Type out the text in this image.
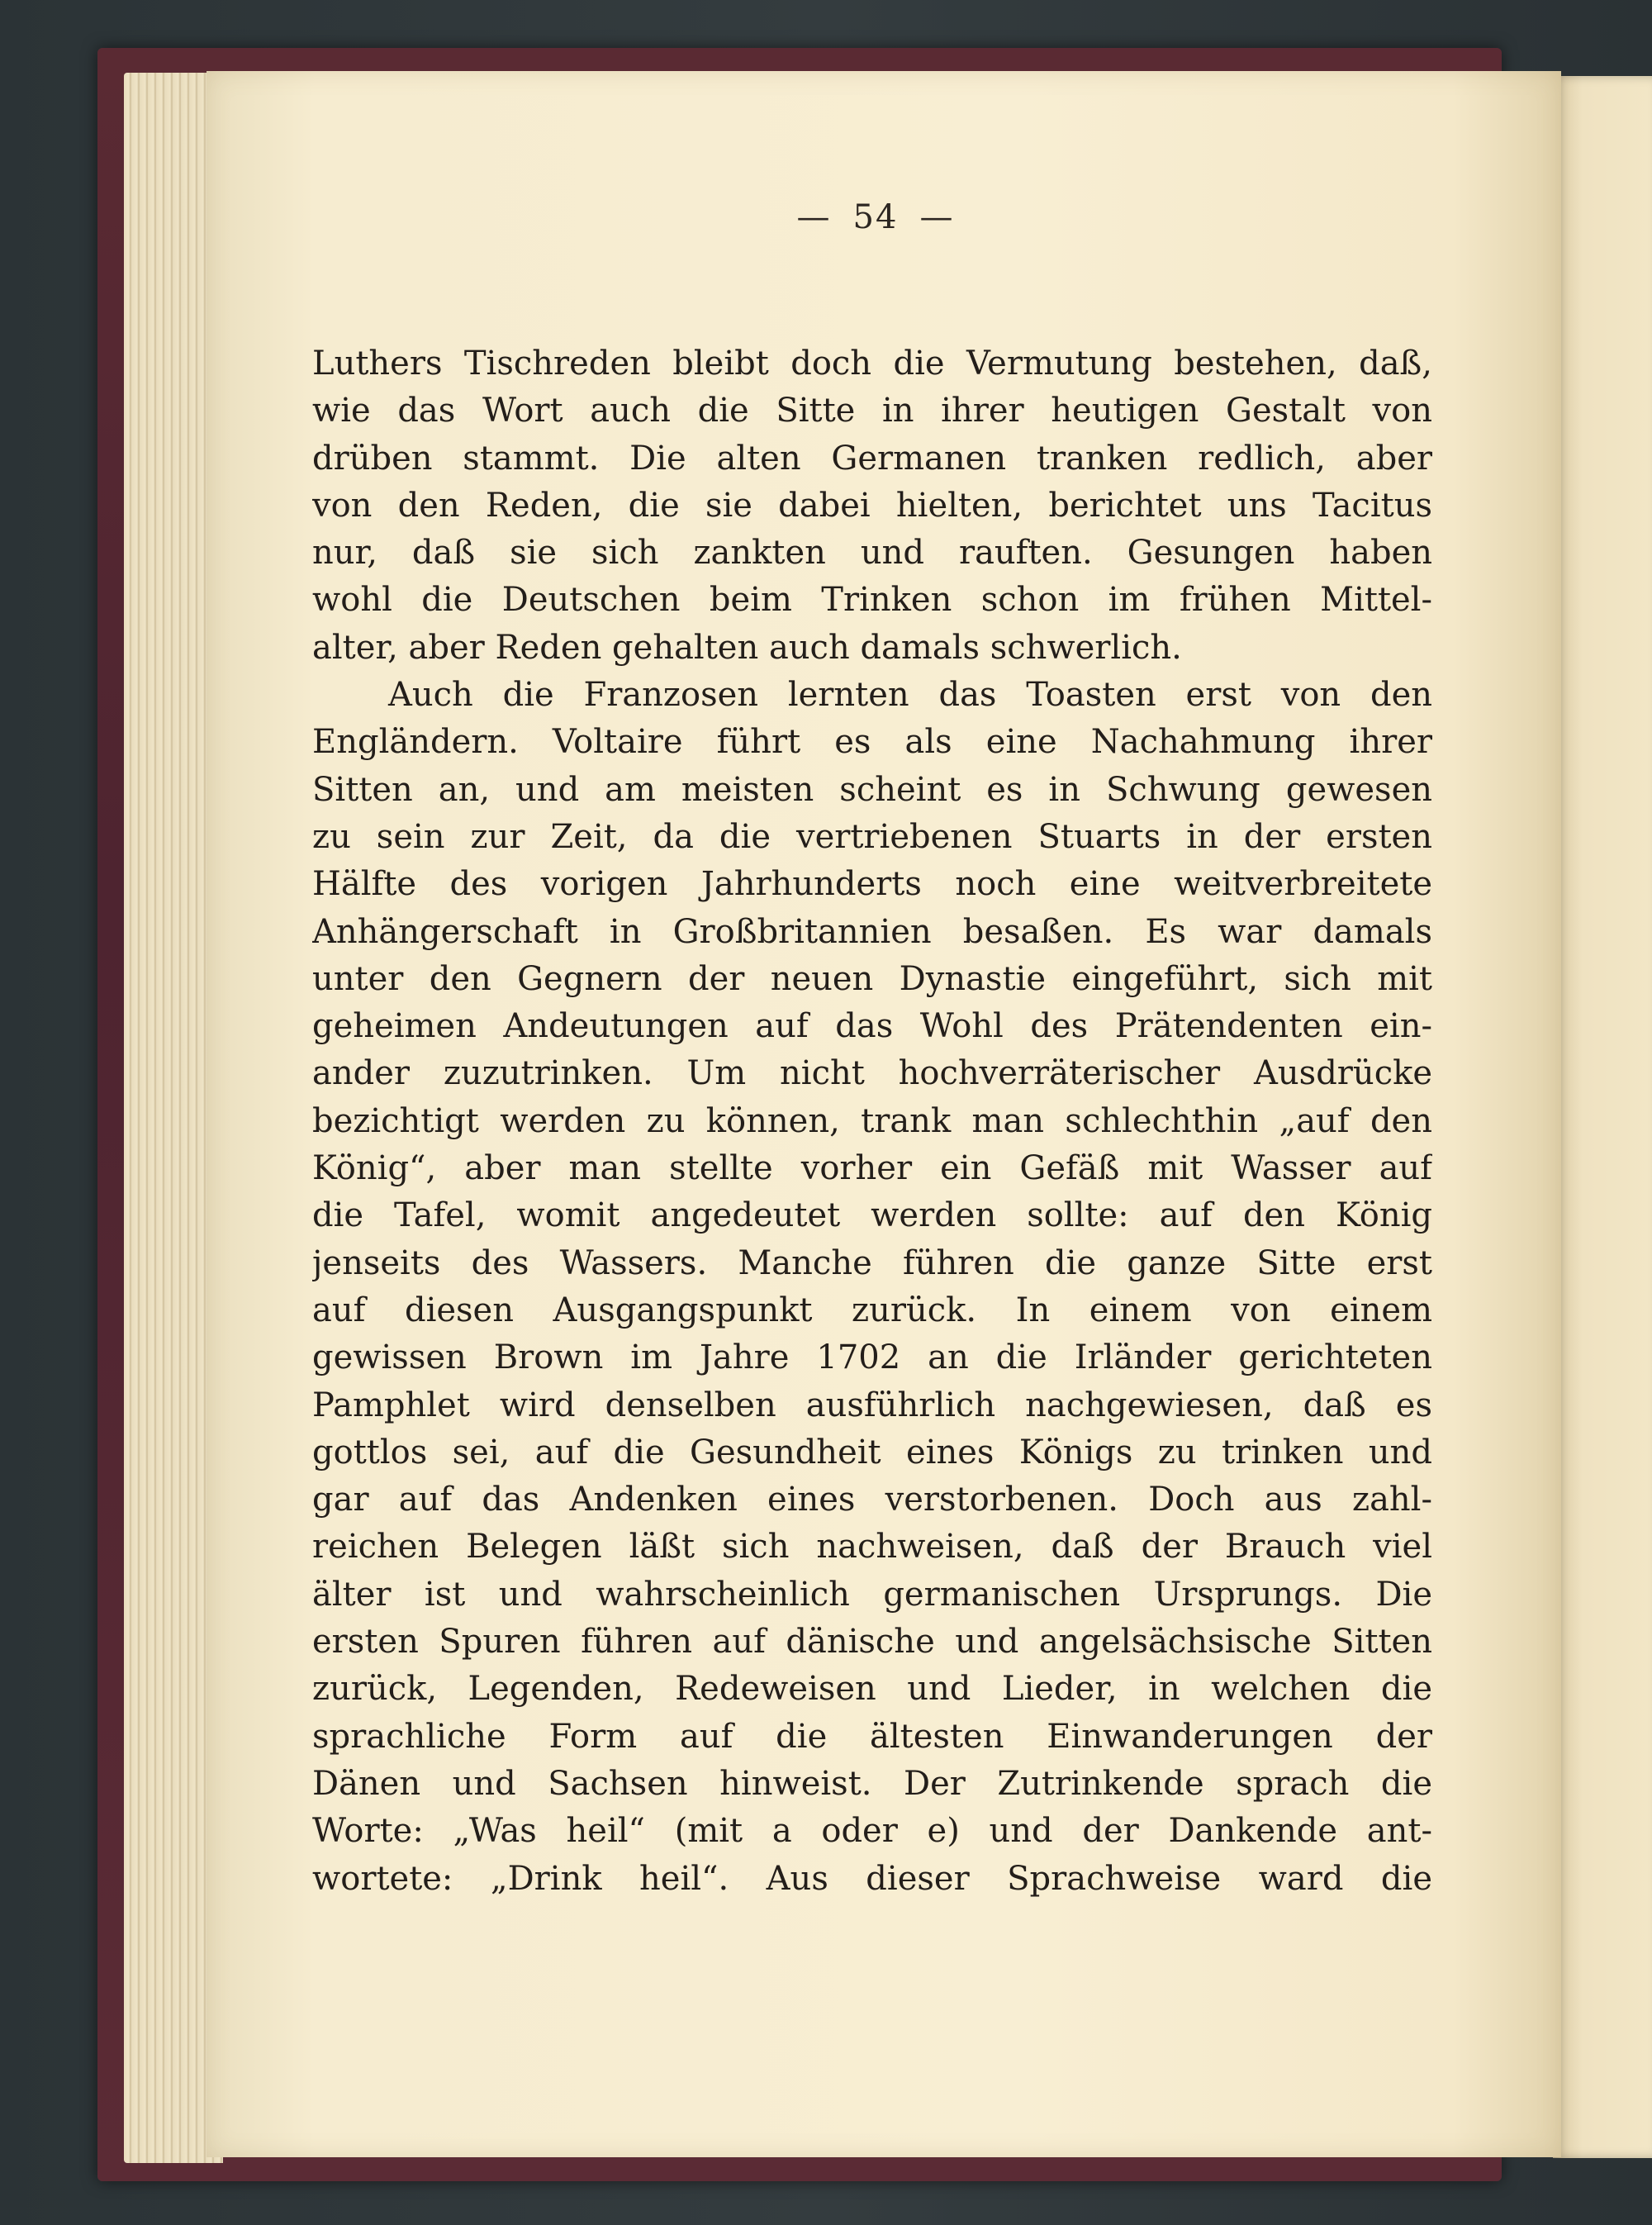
— 54 —
Luthers Tischreden bleibt doch die Vermutung bestehen, daß,
wie das Wort auch die Sitte in ihrer heutigen Gestalt von
drüben stammt. Die alten Germanen tranken redlich, aber
von den Reden, die sie dabei hielten, berichtet uns Tacitus
nur, daß sie sich zankten und rauften. Gesungen haben
wohl die Deutschen beim Trinken schon im frühen Mittel-
alter, aber Reden gehalten auch damals schwerlich.
Auch die Franzosen lernten das Toasten erst von den
Engländern. Voltaire führt es als eine Nachahmung ihrer
Sitten an, und am meisten scheint es in Schwung gewesen
zu sein zur Zeit, da die vertriebenen Stuarts in der ersten
Hälfte des vorigen Jahrhunderts noch eine weitverbreitete
Anhängerschaft in Großbritannien besaßen. Es war damals
unter den Gegnern der neuen Dynastie eingeführt, sich mit
geheimen Andeutungen auf das Wohl des Prätendenten ein-
ander zuzutrinken. Um nicht hochverräterischer Ausdrücke
bezichtigt werden zu können, trank man schlechthin „auf den
König“, aber man stellte vorher ein Gefäß mit Wasser auf
die Tafel, womit angedeutet werden sollte: auf den König
jenseits des Wassers. Manche führen die ganze Sitte erst
auf diesen Ausgangspunkt zurück. In einem von einem
gewissen Brown im Jahre 1702 an die Irländer gerichteten
Pamphlet wird denselben ausführlich nachgewiesen, daß es
gottlos sei, auf die Gesundheit eines Königs zu trinken und
gar auf das Andenken eines verstorbenen. Doch aus zahl-
reichen Belegen läßt sich nachweisen, daß der Brauch viel
älter ist und wahrscheinlich germanischen Ursprungs. Die
ersten Spuren führen auf dänische und angelsächsische Sitten
zurück, Legenden, Redeweisen und Lieder, in welchen die
sprachliche Form auf die ältesten Einwanderungen der
Dänen und Sachsen hinweist. Der Zutrinkende sprach die
Worte: „Was heil“ (mit a oder e) und der Dankende ant-
wortete: „Drink heil“. Aus dieser Sprachweise ward die
